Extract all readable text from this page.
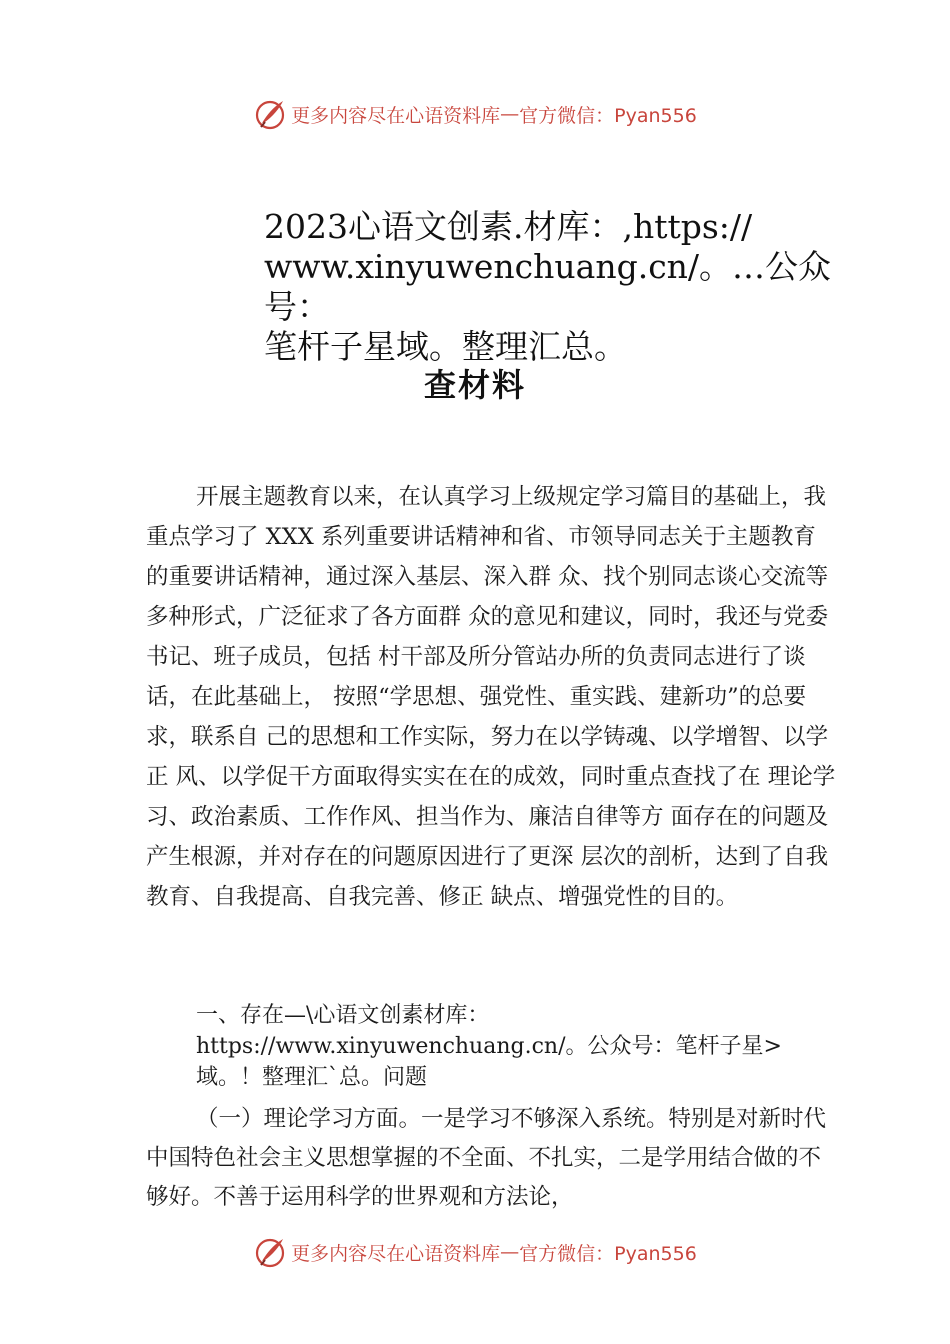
更多内容尽在心语资料库 — 官方微信：Pyan556

2023心语文创素.材库：,https://
www.xinyuwenchuang.cn/。…公众号：
笔杆子星域。整理汇总。

查材料

开展主题教育以来，在认真学习上级规定学习篇目的基础上，我重点学习了 XXX 系列重要讲话精神和省、市领导同志关于主题教育的重要讲话精神，通过深入基层、深入群 众、找个别同志谈心交流等多种形式，广泛征求了各方面群 众的意见和建议，同时，我还与党委书记、班子成员，包括 村干部及所分管站办所的负责同志进行了谈话，在此基础上， 按照“学思想、强党性、重实践、建新功”的总要求，联系自 己的思想和工作实际，努力在以学铸魂、以学增智、以学正 风、以学促干方面取得实实在在的成效，同时重点查找了在 理论学习、政治素质、工作作风、担当作为、廉洁自律等方 面存在的问题及产生根源，并对存在的问题原因进行了更深 层次的剖析，达到了自我教育、自我提高、自我完善、修正 缺点、增强党性的目的。

一、存在—\心语文创素材库：https://www.xinyuwenchuang.cn/。公众号：笔杆子星>域。！整理汇`总。问题

（一）理论学习方面。一是学习不够深入系统。特别是对新时代中国特色社会主义思想掌握的不全面、不扎实，二是学用结合做的不够好。不善于运用科学的世界观和方法论，

更多内容尽在心语资料库 — 官方微信：Pyan556
